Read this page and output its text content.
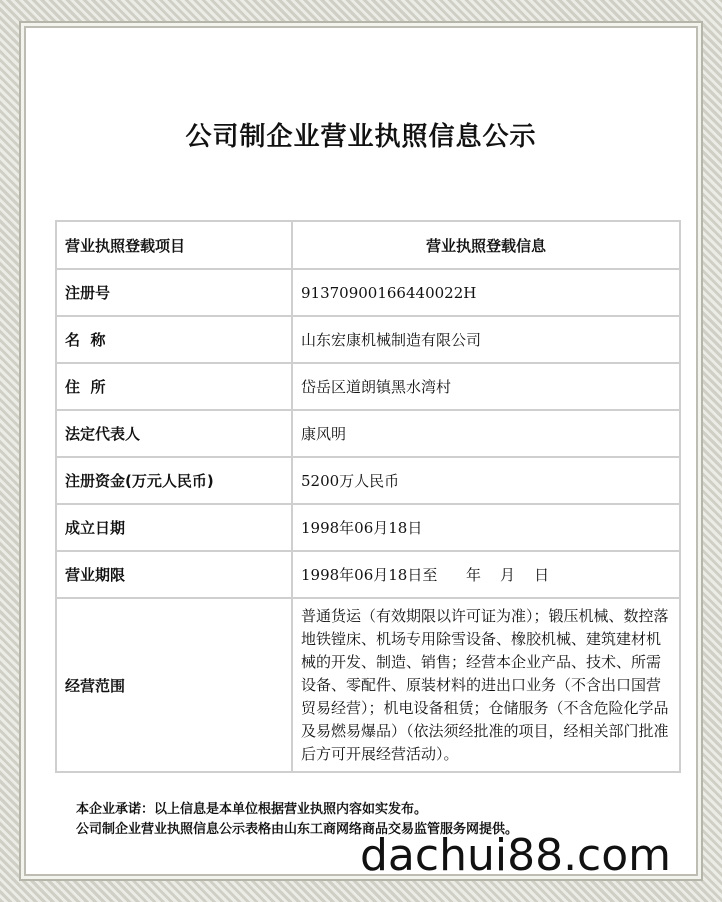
公司制企业营业执照信息公示
营业执照登载项目	营业执照登载信息
注册号	91370900166440022H
名  称	山东宏康机械制造有限公司
住  所	岱岳区道朗镇黑水湾村
法定代表人	康风明
注册资金(万元人民币)	5200万人民币
成立日期	1998年06月18日
营业期限	1998年06月18日至      年    月    日
经营范围	普通货运（有效期限以许可证为准）；锻压机械、数控落地铁镗床、机场专用除雪设备、橡胶机械、建筑建材机械的开发、制造、销售；经营本企业产品、技术、所需设备、零配件、原装材料的进出口业务（不含出口国营贸易经营）；机电设备租赁；仓储服务（不含危险化学品及易燃易爆品）（依法须经批准的项目，经相关部门批准后方可开展经营活动）。
本企业承诺：以上信息是本单位根据营业执照内容如实发布。
公司制企业营业执照信息公示表格由山东工商网络商品交易监管服务网提供。
dachui88.com
